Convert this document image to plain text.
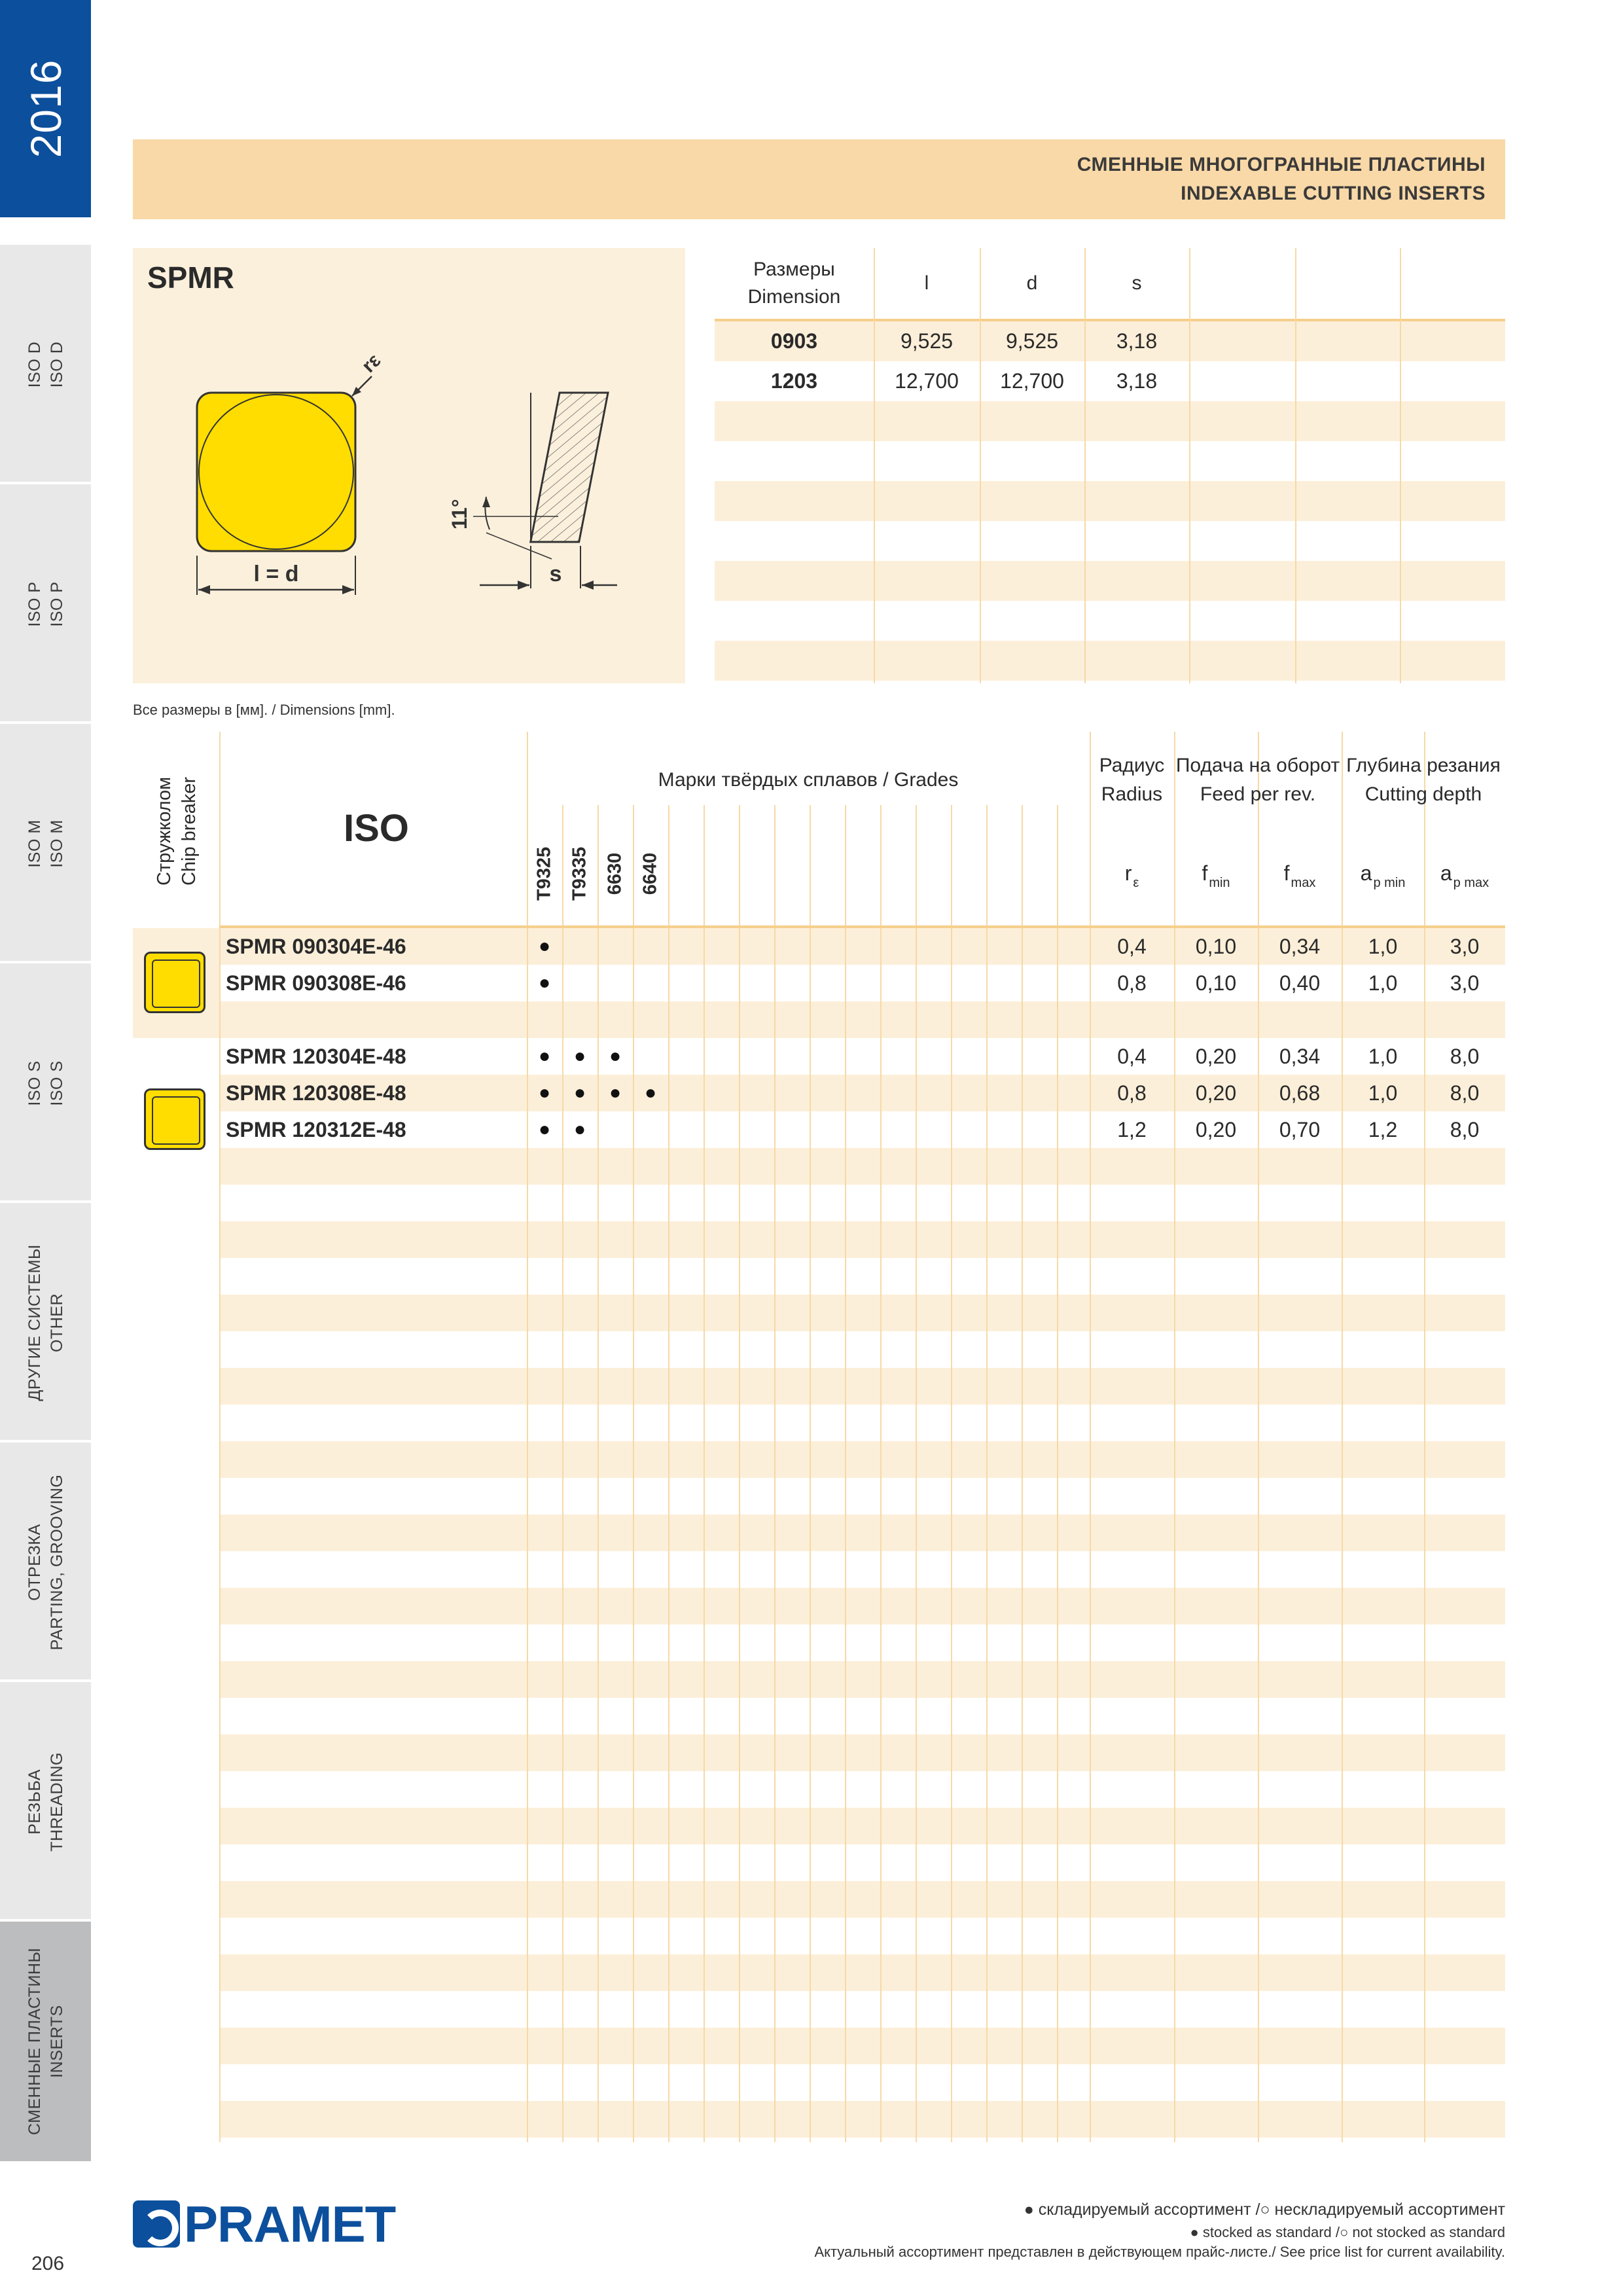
2016
ISO D ISO D
ISO P ISO P
ISO M ISO M
ISO S ISO S
ДРУГИЕ СИСТЕМЫ OTHER
ОТРЕЗКА PARTING, GROOVING
РЕЗЬБА THREADING
СМЕННЫЕ ПЛАСТИНЫ INSERTS
СМЕННЫЕ МНОГОГРАННЫЕ ПЛАСТИНЫ
INDEXABLE CUTTING INSERTS
SPMR
rε
l = d
11°
s
Размеры
Dimension
l	d	s
0903	9,525	9,525	3,18
1203	12,700	12,700	3,18
Все размеры в [мм]. / Dimensions [mm].
Стружколом Chip breaker	ISO
Марки твёрдых сплавов / Grades
T9325 T9335 6630 6640
Радиус
Radius
Подача на оборот
Feed per rev.
Глубина резания
Cutting depth
r $_\varepsilon$	f $_{min}$	f $_{max}$	a $_{p min}$	a $_{p max}$
SPMR 090304E-46	●	0,4	0,10	0,34	1,0	3,0
SPMR 090308E-46	●	0,8	0,10	0,40	1,0	3,0
SPMR 120304E-48	●	●	●	0,4	0,20	0,34	1,0	8,0
SPMR 120308E-48	●	●	●	●	0,8	0,20	0,68	1,0	8,0
SPMR 120312E-48	●	●	1,2	0,20	0,70	1,2	8,0
PRAMET	● складируемый ассортимент /○ нескладируемый ассортимент
● stocked as standard /○ not stocked as standard
Актуальный ассортимент представлен в действующем прайс-листе./ See price list for current availability.
206
